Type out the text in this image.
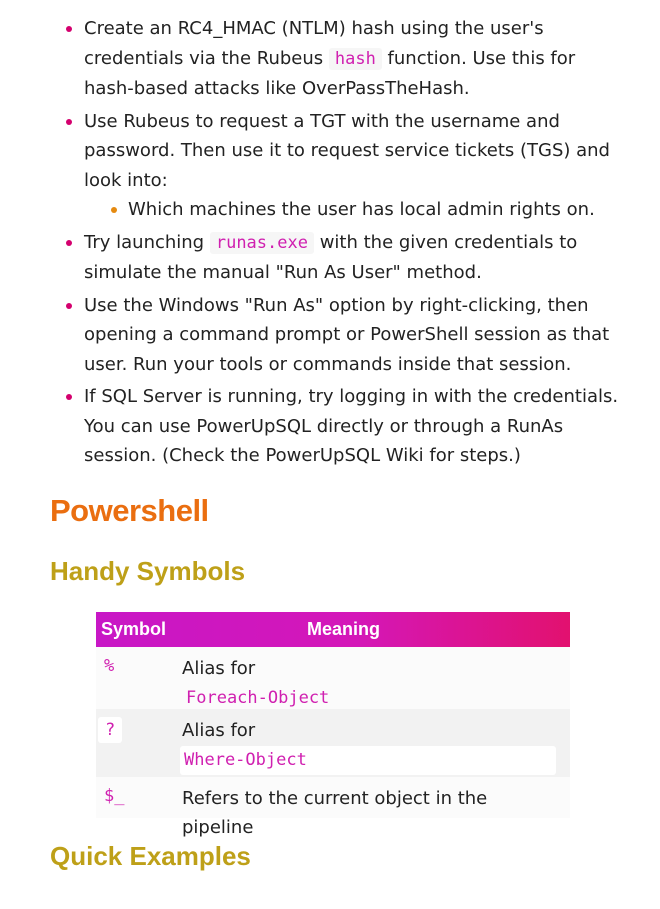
Create an RC4_HMAC (NTLM) hash using the user's credentials via the Rubeus hash function. Use this for hash-based attacks like OverPassTheHash.
Use Rubeus to request a TGT with the username and password. Then use it to request service tickets (TGS) and look into:
Which machines the user has local admin rights on.
Try launching runas.exe with the given credentials to simulate the manual "Run As User" method.
Use the Windows "Run As" option by right-clicking, then opening a command prompt or PowerShell session as that user. Run your tools or commands inside that session.
If SQL Server is running, try logging in with the credentials. You can use PowerUpSQL directly or through a RunAs session. (Check the PowerUpSQL Wiki for steps.)
Powershell
Handy Symbols
Symbol	Meaning
%	Alias for
Foreach-Object
?	Alias for
Where-Object
$_	Refers to the current object in the pipeline
Quick Examples
